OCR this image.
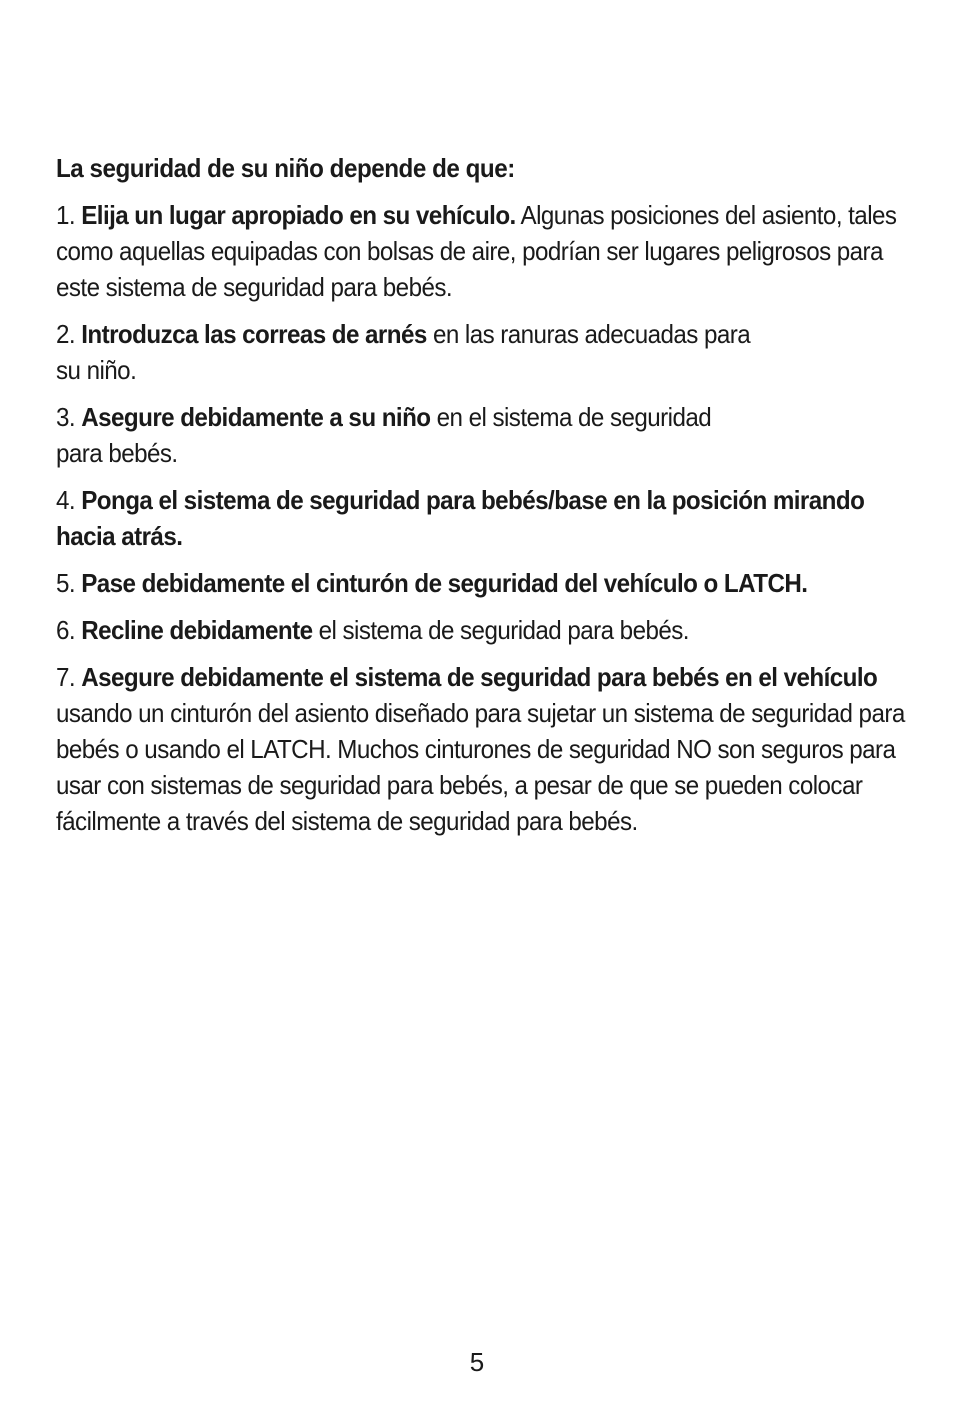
La seguridad de su niño depende de que:

1. Elija un lugar apropiado en su vehículo. Algunas posiciones del asiento, tales como aquellas equipadas con bolsas de aire, podrían ser lugares peligrosos para este sistema de seguridad para bebés.

2. Introduzca las correas de arnés en las ranuras adecuadas para
su niño.

3. Asegure debidamente a su niño en el sistema de seguridad
para bebés.

4. Ponga el sistema de seguridad para bebés/base en la posición mirando hacia atrás.

5. Pase debidamente el cinturón de seguridad del vehículo o LATCH.

6. Recline debidamente el sistema de seguridad para bebés.

7. Asegure debidamente el sistema de seguridad para bebés en el vehículo usando un cinturón del asiento diseñado para sujetar un sistema de seguridad para bebés o usando el LATCH. Muchos cinturones de seguridad NO son seguros para usar con sistemas de seguridad para bebés, a pesar de que se pueden colocar fácilmente a través del sistema de seguridad para bebés.

5
